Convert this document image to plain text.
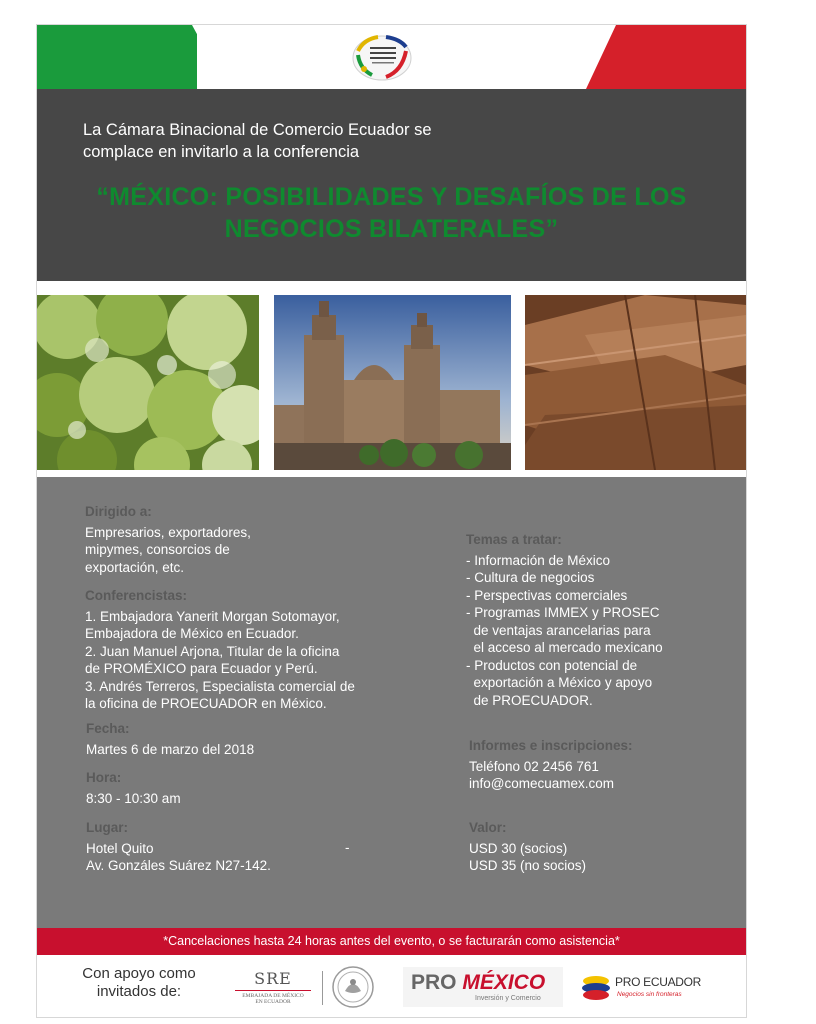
La Cámara Binacional de Comercio Ecuador se
complace en invitarlo a la conferencia
“MÉXICO: POSIBILIDADES Y DESAFÍOS DE LOS
NEGOCIOS BILATERALES”
Dirigido a:
Empresarios, exportadores,
mipymes, consorcios de
exportación, etc.
Conferencistas:
1. Embajadora Yanerit Morgan Sotomayor,
Embajadora de México en Ecuador.
2. Juan Manuel Arjona, Titular de la oficina
de PROMÉXICO para Ecuador y Perú.
3. Andrés Terreros, Especialista comercial de
la oficina de PROECUADOR en México.
Fecha:
Martes 6 de marzo del 2018
Hora:
8:30 - 10:30 am
Lugar:
Hotel Quito
Av. Gonzáles Suárez N27-142.
-
Temas a tratar:
- Información de México
- Cultura de negocios
- Perspectivas comerciales
- Programas IMMEX y PROSEC
de ventajas arancelarias para
el acceso al mercado mexicano
- Productos con potencial de
exportación a México y apoyo
de PROECUADOR.
Informes e inscripciones:
Teléfono 02 2456 761
info@comecuamex.com
Valor:
USD 30 (socios)
USD 35 (no socios)
*Cancelaciones hasta 24 horas antes del evento, o se facturarán como asistencia*
Con apoyo como
invitados de:
SRE
EMBAJADA DE MÉXICO
EN ECUADOR
PRO MÉXICO
Inversión y Comercio
PRO ECUADOR
Negocios sin fronteras
